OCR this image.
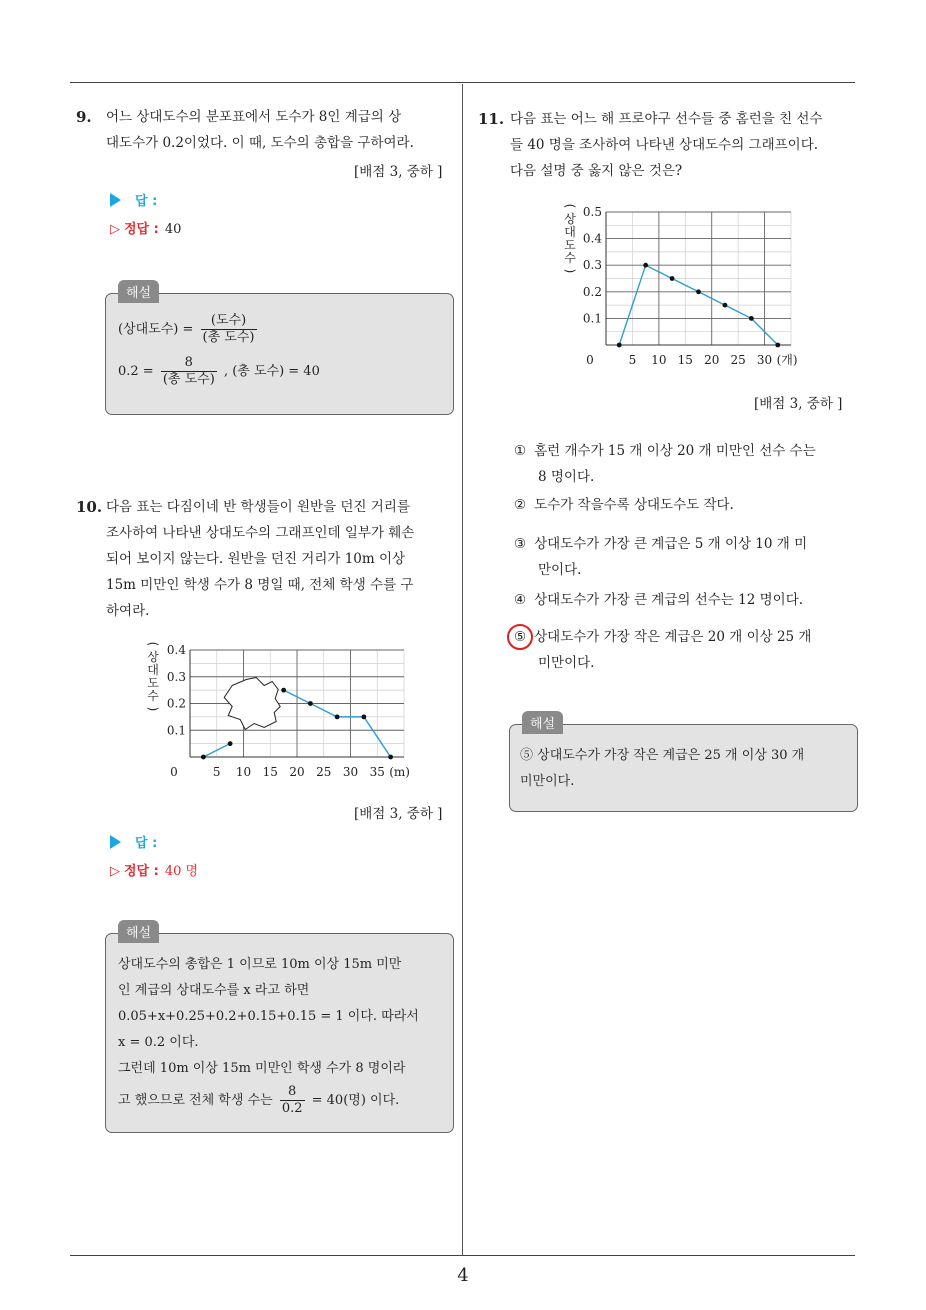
4
9. 어느 상대도수의 분포표에서 도수가 8인 계급의 상
대도수가 0.2이었다. 이 때, 도수의 총합을 구하여라.
[배점 3, 중하 ]
답 :
▷ 정답 : 40
해설
(상대도수) = $\frac{\text{(도수)}}{\text{(총 도수)}}$
$0.2 = \frac{8}{\text{(총 도수)}}$ , (총 도수) = 40
10. 다음 표는 다짐이네 반 학생들이 원반을 던진 거리를
조사하여 나타낸 상대도수의 그래프인데 일부가 훼손
되어 보이지 않는다. 원반을 던진 거리가 10m 이상
15m 미만인 학생 수가 8 명일 때, 전체 학생 수를 구
하여라.
0	5 10 15 20 25 30 35 (m)
0.1
0.2
0.3
0.4
(
상
대
도
수
)
[배점 3, 중하 ]
답 :
▷ 정답 : 40 명
해설
상대도수의 총합은 1 이므로 10m 이상 15m 미만
인 계급의 상대도수를 x 라고 하면
0.05+x+0.25+0.2+0.15+0.15 = 1 이다. 따라서
x = 0.2 이다.
그런데 10m 이상 15m 미만인 학생 수가 8 명이라
고 했으므로 전체 학생 수는 $\frac{8}{0.2} = 40$(명) 이다.
11. 다음 표는 어느 해 프로야구 선수들 중 홈런을 친 선수
들 40 명을 조사하여 나타낸 상대도수의 그래프이다.
다음 설명 중 옳지 않은 것은?
0	5 10 15 20 25 30 (개)
0.1
0.2
0.3
0.4
0.5
(
상
대
도
수
)
[배점 3, 중하 ]
① 홈런 개수가 15 개 이상 20 개 미만인 선수 수는
8 명이다.
② 도수가 작을수록 상대도수도 작다.
③ 상대도수가 가장 큰 계급은 5 개 이상 10 개 미
만이다.
④ 상대도수가 가장 큰 계급의 선수는 12 명이다.
⑤ 상대도수가 가장 작은 계급은 20 개 이상 25 개
미만이다.
해설
⑤ 상대도수가 가장 작은 계급은 25 개 이상 30 개
미만이다.
